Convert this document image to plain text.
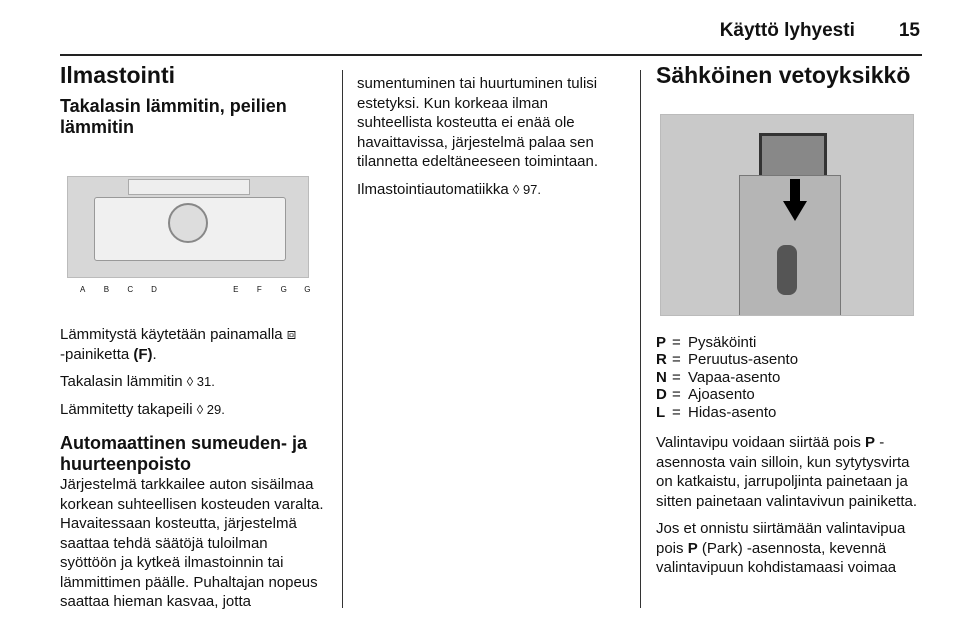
Käyttö lyhyesti 15
Ilmastointi
Takalasin lämmitin, peilien lämmitin
A	B	C	D	E	F	G	G

Lämmitystä käytetään painamalla ⧈
-painiketta (F).

Takalasin lämmitin ◊ 31.

Lämmitetty takapeili ◊ 29.

Automaattinen sumeuden- ja huurteenpoisto

Järjestelmä tarkkailee auton sisäilmaa korkean suhteellisen kosteuden varalta. Havaitessaan kosteutta, järjestelmä saattaa tehdä säätöjä tuloilman syöttöön ja kytkeä ilmastoinnin tai lämmittimen päälle. Puhaltajan nopeus saattaa hieman kasvaa, jotta

sumentuminen tai huurtuminen tulisi estetyksi. Kun korkeaa ilman suhteellista kosteutta ei enää ole havaittavissa, järjestelmä palaa sen tilannetta edeltäneeseen toimintaan.

Ilmastointiautomatiikka ◊ 97.

Sähköinen vetoyksikkö
P = Pysäköinti
R = Peruutus-asento
N = Vapaa-asento
D = Ajoasento
L = Hidas-asento

Valintavipu voidaan siirtää pois P -asennosta vain silloin, kun sytytysvirta on katkaistu, jarrupoljinta painetaan ja sitten painetaan valintavivun painiketta.

Jos et onnistu siirtämään valintavipua pois P (Park) -asennosta, kevennä valintavipuun kohdistamaasi voimaa
